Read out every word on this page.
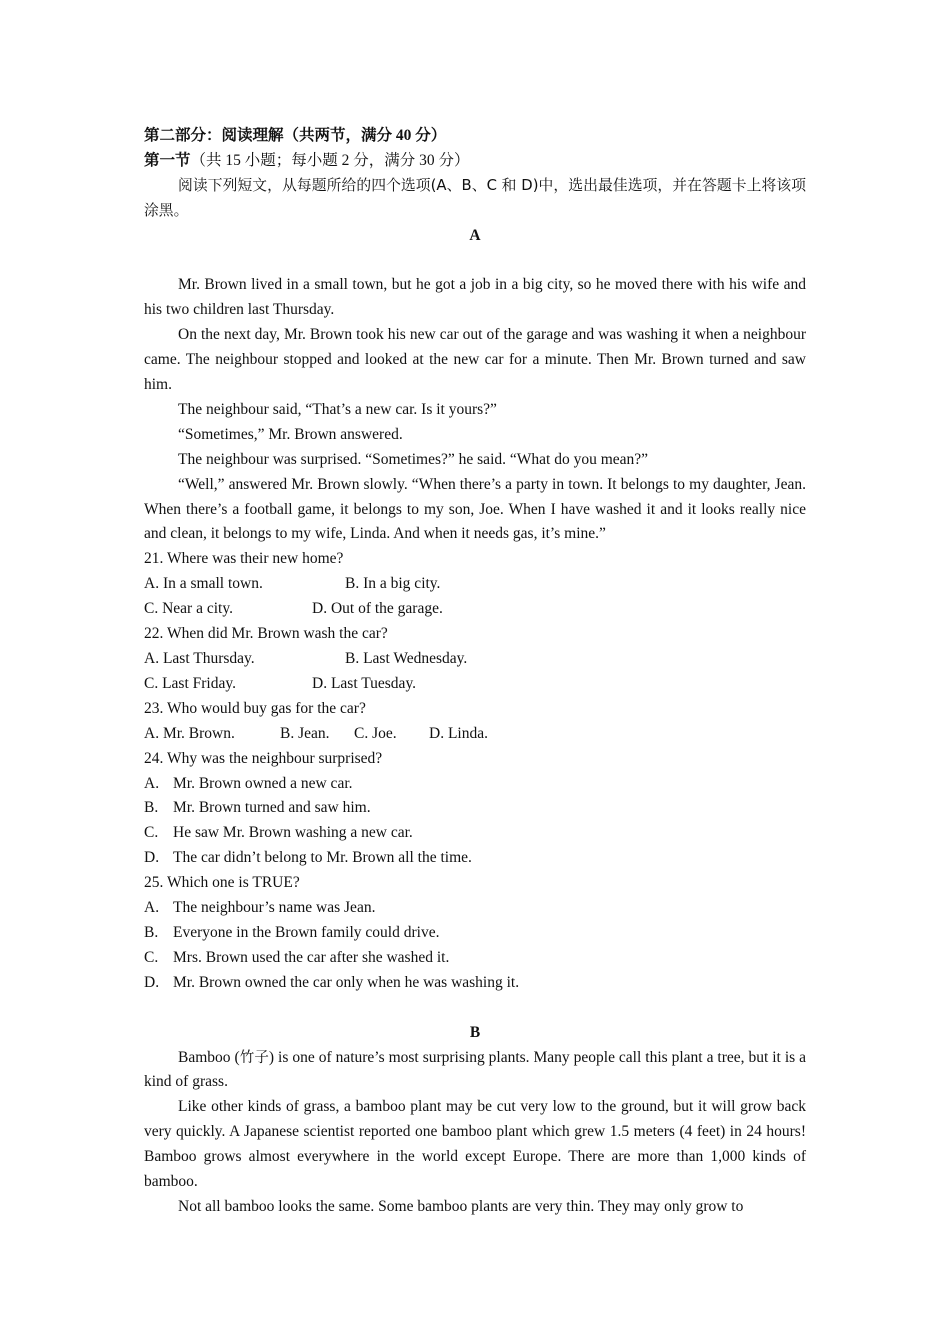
第二部分：阅读理解（共两节，满分 40 分）
第一节（共 15 小题；每小题 2 分，满分 30 分）
阅读下列短文，从每题所给的四个选项(A、B、C 和 D)中，选出最佳选项，并在答题卡上将该项涂黑。
A
Mr. Brown lived in a small town, but he got a job in a big city, so he moved there with his wife and his two children last Thursday.
On the next day, Mr. Brown took his new car out of the garage and was washing it when a neighbour came. The neighbour stopped and looked at the new car for a minute. Then Mr. Brown turned and saw him.
The neighbour said, “That’s a new car. Is it yours?”
“Sometimes,” Mr. Brown answered.
The neighbour was surprised. “Sometimes?” he said. “What do you mean?”
“Well,” answered Mr. Brown slowly. “When there’s a party in town. It belongs to my daughter, Jean. When there’s a football game, it belongs to my son, Joe. When I have washed it and it looks really nice and clean, it belongs to my wife, Linda. And when it needs gas, it’s mine.”
21. Where was their new home?
A. In a small town.	B. In a big city.
C. Near a city.	D. Out of the garage.
22. When did Mr. Brown wash the car?
A. Last Thursday.	B. Last Wednesday.
C. Last Friday.	D. Last Tuesday.
23. Who would buy gas for the car?
A. Mr. Brown.	B. Jean. C. Joe. D. Linda.
24. Why was the neighbour surprised?
A. Mr. Brown owned a new car.
B. Mr. Brown turned and saw him.
C. He saw Mr. Brown washing a new car.
D. The car didn’t belong to Mr. Brown all the time.
25. Which one is TRUE?
A. The neighbour’s name was Jean.
B. Everyone in the Brown family could drive.
C. Mrs. Brown used the car after she washed it.
D. Mr. Brown owned the car only when he was washing it.
B
Bamboo (竹子) is one of nature’s most surprising plants. Many people call this plant a tree, but it is a kind of grass.
Like other kinds of grass, a bamboo plant may be cut very low to the ground, but it will grow back very quickly. A Japanese scientist reported one bamboo plant which grew 1.5 meters (4 feet) in 24 hours! Bamboo grows almost everywhere in the world except Europe. There are more than 1,000 kinds of bamboo.
Not all bamboo looks the same. Some bamboo plants are very thin. They may only grow to
